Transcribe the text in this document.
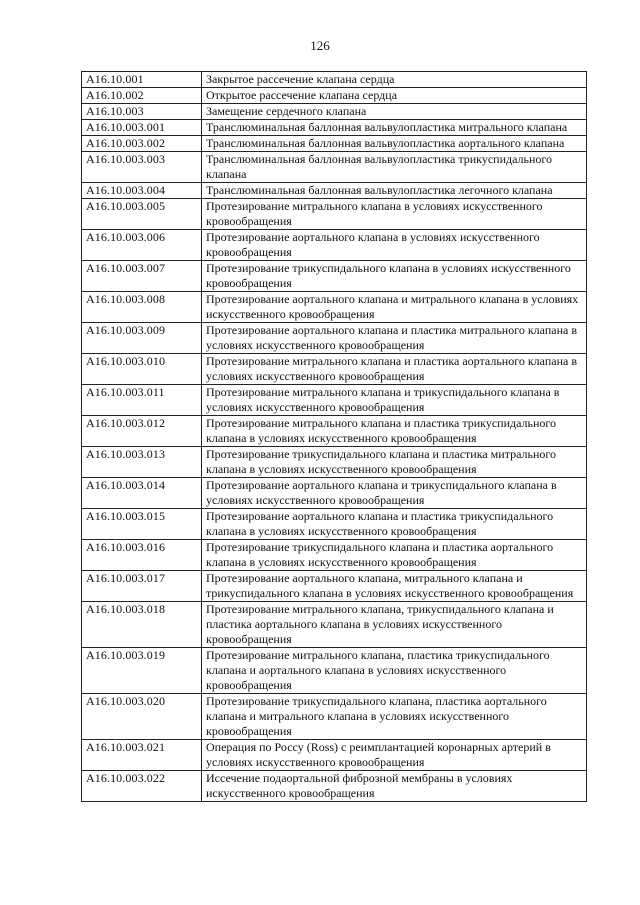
126
A16.10.001	Закрытое рассечение клапана сердца
A16.10.002	Открытое рассечение клапана сердца
A16.10.003	Замещение сердечного клапана
A16.10.003.001	Транслюминальная баллонная вальвулопластика митрального клапана
A16.10.003.002	Транслюминальная баллонная вальвулопластика аортального клапана
A16.10.003.003	Транслюминальная баллонная вальвулопластика трикуспидального клапана
A16.10.003.004	Транслюминальная баллонная вальвулопластика легочного клапана
A16.10.003.005	Протезирование митрального клапана в условиях искусственного кровообращения
A16.10.003.006	Протезирование аортального клапана в условиях искусственного кровообращения
A16.10.003.007	Протезирование трикуспидального клапана в условиях искусственного кровообращения
A16.10.003.008	Протезирование аортального клапана и митрального клапана в условиях искусственного кровообращения
A16.10.003.009	Протезирование аортального клапана и пластика митрального клапана в условиях искусственного кровообращения
A16.10.003.010	Протезирование митрального клапана и пластика аортального клапана в условиях искусственного кровообращения
A16.10.003.011	Протезирование митрального клапана и трикуспидального клапана в условиях искусственного кровообращения
A16.10.003.012	Протезирование митрального клапана и пластика трикуспидального клапана в условиях искусственного кровообращения
A16.10.003.013	Протезирование трикуспидального клапана и пластика митрального клапана в условиях искусственного кровообращения
A16.10.003.014	Протезирование аортального клапана и трикуспидального клапана в условиях искусственного кровообращения
A16.10.003.015	Протезирование аортального клапана и пластика трикуспидального клапана в условиях искусственного кровообращения
A16.10.003.016	Протезирование трикуспидального клапана и пластика аортального клапана в условиях искусственного кровообращения
A16.10.003.017	Протезирование аортального клапана, митрального клапана и трикуспидального клапана в условиях искусственного кровообращения
A16.10.003.018	Протезирование митрального клапана, трикуспидального клапана и пластика аортального клапана в условиях искусственного кровообращения
A16.10.003.019	Протезирование митрального клапана, пластика трикуспидального клапана и аортального клапана в условиях искусственного кровообращения
A16.10.003.020	Протезирование трикуспидального клапана, пластика аортального клапана и митрального клапана в условиях искусственного кровообращения
A16.10.003.021	Операция по Россу (Ross) с реимплантацией коронарных артерий в условиях искусственного кровообращения
A16.10.003.022	Иссечение подаортальной фиброзной мембраны в условиях искусственного кровообращения
